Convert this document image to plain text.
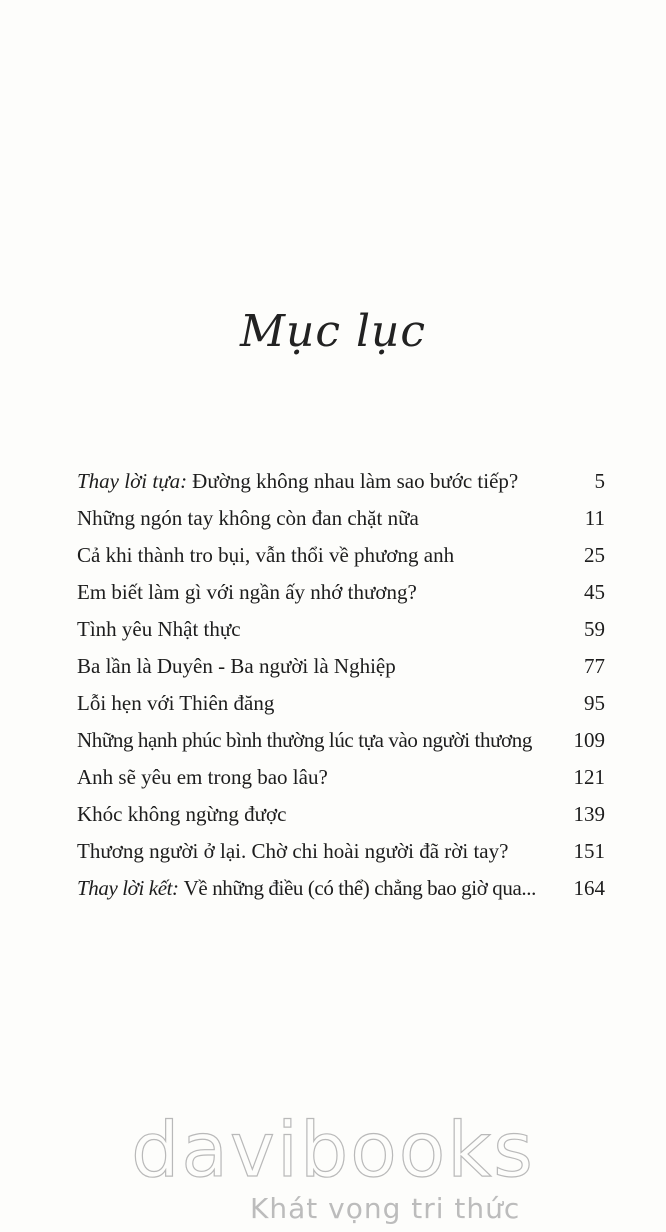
Mục lục
Thay lời tựa: Đường không nhau làm sao bước tiếp?	5
Những ngón tay không còn đan chặt nữa	11
Cả khi thành tro bụi, vẫn thổi về phương anh	25
Em biết làm gì với ngần ấy nhớ thương?	45
Tình yêu Nhật thực	59
Ba lần là Duyên - Ba người là Nghiệp	77
Lỗi hẹn với Thiên đăng	95
Những hạnh phúc bình thường lúc tựa vào người thương	109
Anh sẽ yêu em trong bao lâu?	121
Khóc không ngừng được	139
Thương người ở lại. Chờ chi hoài người đã rời tay?	151
Thay lời kết: Về những điều (có thể) chẳng bao giờ qua...	164
davibooks
Khát vọng tri thức
